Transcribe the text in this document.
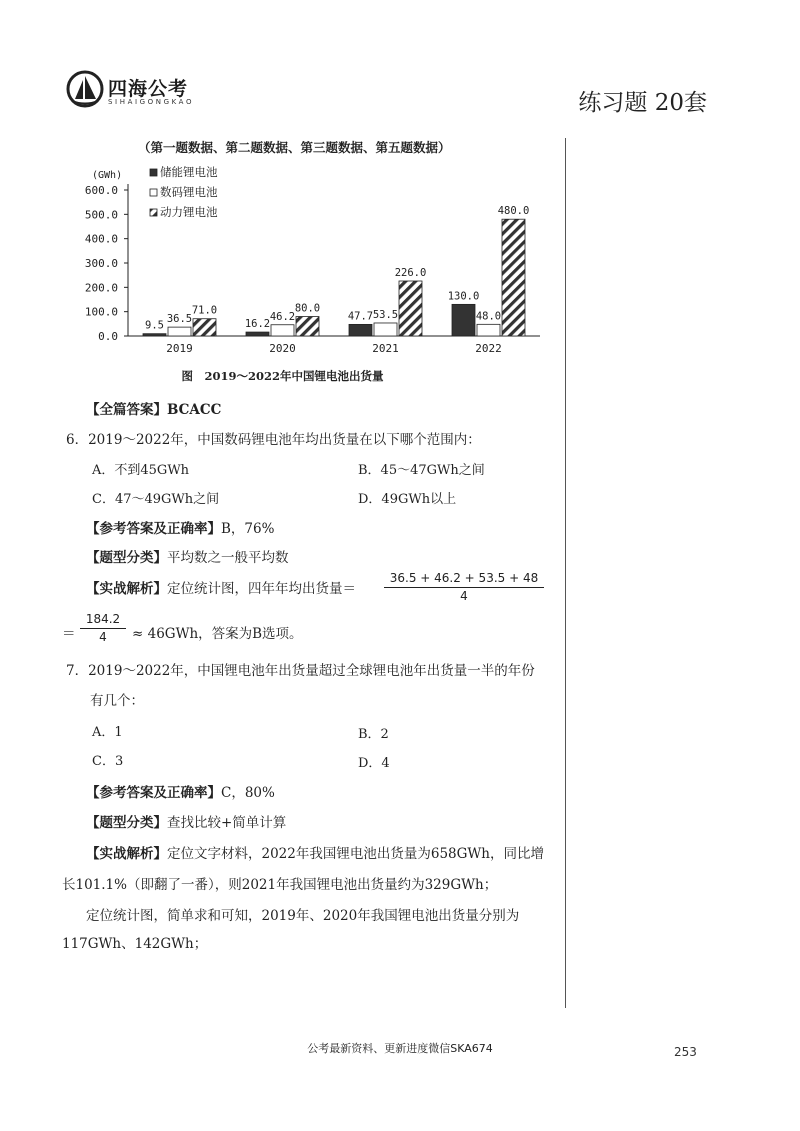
四海公考
SIHAIGONGKAO	练习题 20套
（第一题数据、第二题数据、第三题数据、第五题数据）
(GWh)
0.0
100.0
200.0
300.0
400.0
500.0
600.0
9.5
36.5
71.0
2019
16.2
46.2
80.0
2020
47.7 53.5
226.0
2021
130.0
48.0
480.0
2022
储能锂电池
数码锂电池
动力锂电池
图　2019～2022年中国锂电池出货量
【全篇答案】BCACC
6．2019～2022年，中国数码锂电池年均出货量在以下哪个范围内：
A．不到45GWh	B．45～47GWh之间
C．47～49GWh之间	D．49GWh以上
【参考答案及正确率】B，76%
【题型分类】平均数之一般平均数
【实战解析】定位统计图，四年年均出货量＝
36.5 + 46.2 + 53.5 + 48
4
＝
184.2
4	≈ 46GWh，答案为B选项。
7．2019～2022年，中国锂电池年出货量超过全球锂电池年出货量一半的年份
有几个：
A．1	B．2
C．3	D．4
【参考答案及正确率】C，80%
【题型分类】查找比较+简单计算
【实战解析】定位文字材料，2022年我国锂电池出货量为658GWh，同比增
长101.1%（即翻了一番），则2021年我国锂电池出货量约为329GWh；
定位统计图，简单求和可知，2019年、2020年我国锂电池出货量分别为
117GWh、142GWh；
公考最新资料、更新进度微信SKA674	253
